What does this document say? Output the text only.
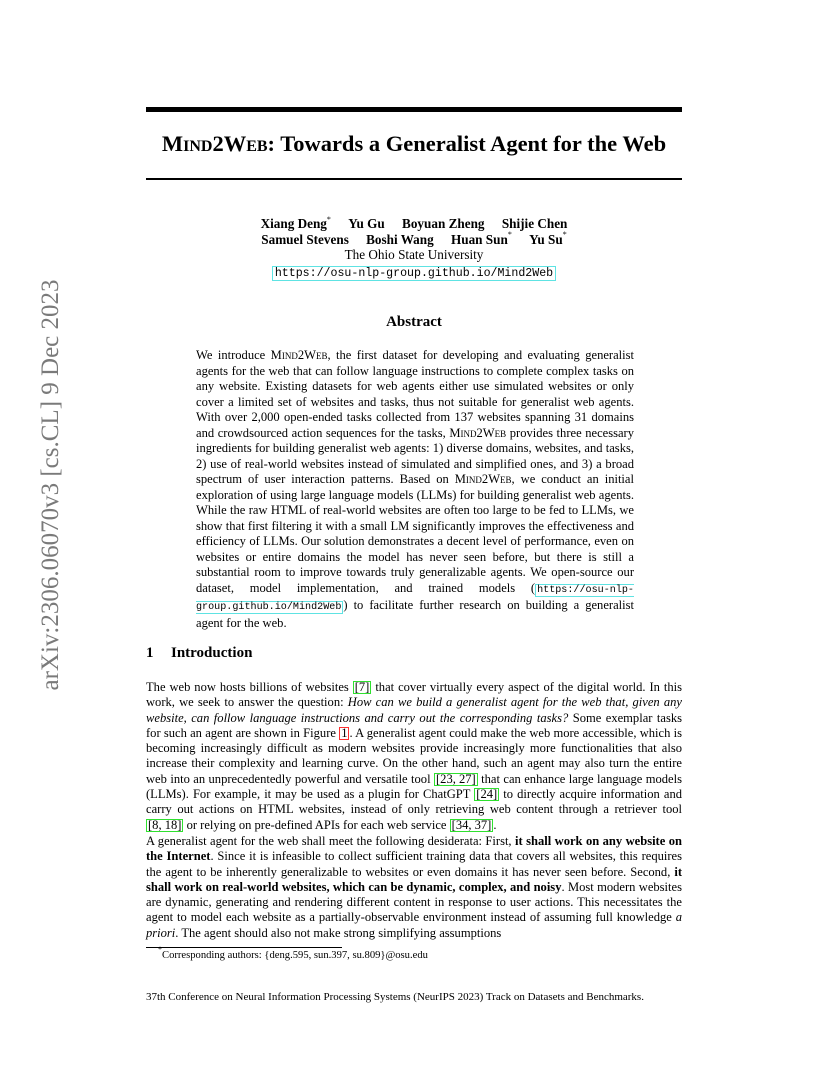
arXiv:2306.06070v3 [cs.CL] 9 Dec 2023
Mind2Web: Towards a Generalist Agent for the Web
Xiang Deng* Yu Gu Boyuan Zheng Shijie Chen
Samuel Stevens Boshi Wang Huan Sun* Yu Su*
The Ohio State University
https://osu-nlp-group.github.io/Mind2Web
Abstract
We introduce Mind2Web, the first dataset for developing and evaluating generalist agents for the web that can follow language instructions to complete complex tasks on any website. Existing datasets for web agents either use simulated websites or only cover a limited set of websites and tasks, thus not suitable for generalist web agents. With over 2,000 open-ended tasks collected from 137 websites spanning 31 domains and crowdsourced action sequences for the tasks, Mind2Web provides three necessary ingredients for building generalist web agents: 1) diverse domains, websites, and tasks, 2) use of real-world websites instead of simulated and simplified ones, and 3) a broad spectrum of user interaction patterns. Based on Mind2Web, we conduct an initial exploration of using large language models (LLMs) for building generalist web agents. While the raw HTML of real-world websites are often too large to be fed to LLMs, we show that first filtering it with a small LM significantly improves the effectiveness and efficiency of LLMs. Our solution demonstrates a decent level of performance, even on websites or entire domains the model has never seen before, but there is still a substantial room to improve towards truly generalizable agents. We open-source our dataset, model implementation, and trained models ( https://osu-nlp-group.github.io/Mind2Web ) to facilitate further research on building a generalist agent for the web.
1 Introduction
The web now hosts billions of websites [7] that cover virtually every aspect of the digital world. In this work, we seek to answer the question: How can we build a generalist agent for the web that, given any website, can follow language instructions and carry out the corresponding tasks? Some exemplar tasks for such an agent are shown in Figure 1 . A generalist agent could make the web more accessible, which is becoming increasingly difficult as modern websites provide increasingly more functionalities that also increase their complexity and learning curve. On the other hand, such an agent may also turn the entire web into an unprecedentedly powerful and versatile tool [23, 27] that can enhance large language models (LLMs). For example, it may be used as a plugin for ChatGPT [24] to directly acquire information and carry out actions on HTML websites, instead of only retrieving web content through a retriever tool [8, 18] or relying on pre-defined APIs for each web service [34, 37] .
A generalist agent for the web shall meet the following desiderata: First, it shall work on any website on the Internet. Since it is infeasible to collect sufficient training data that covers all websites, this requires the agent to be inherently generalizable to websites or even domains it has never seen before. Second, it shall work on real-world websites, which can be dynamic, complex, and noisy. Most modern websites are dynamic, generating and rendering different content in response to user actions. This necessitates the agent to model each website as a partially-observable environment instead of assuming full knowledge a priori. The agent should also not make strong simplifying assumptions
*Corresponding authors: {deng.595, sun.397, su.809}@osu.edu
37th Conference on Neural Information Processing Systems (NeurIPS 2023) Track on Datasets and Benchmarks.
